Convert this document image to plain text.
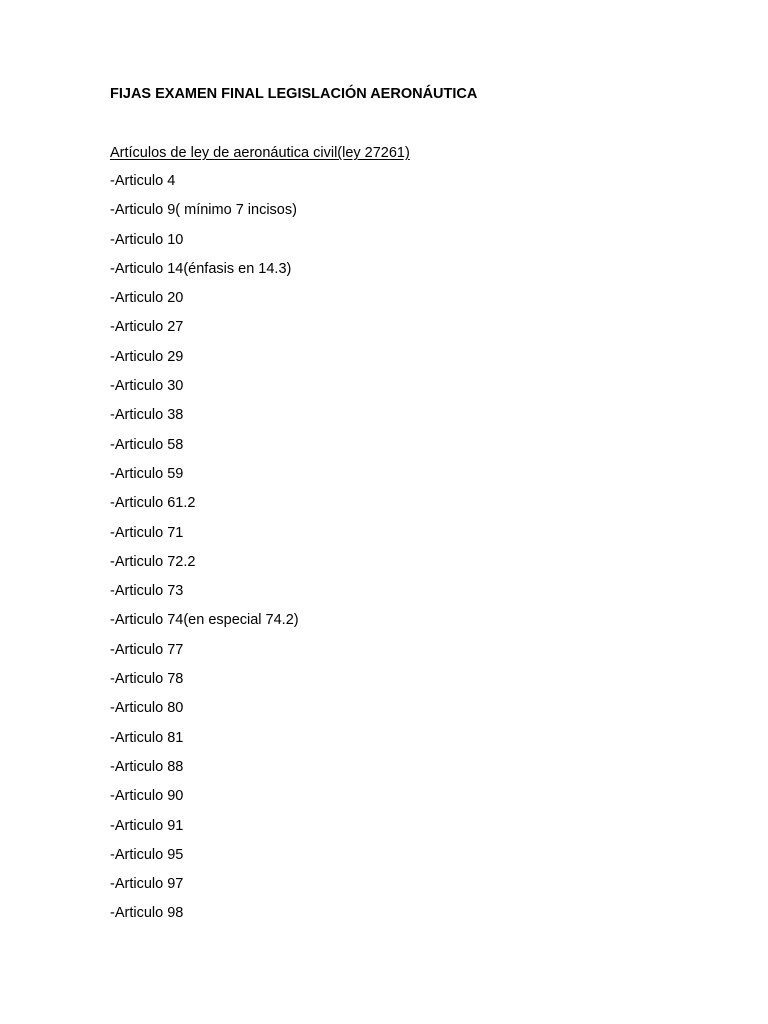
FIJAS EXAMEN FINAL LEGISLACIÓN AERONÁUTICA
Artículos de ley de aeronáutica civil(ley 27261)
-Articulo 4
-Articulo 9( mínimo 7 incisos)
-Articulo 10
-Articulo 14(énfasis en 14.3)
-Articulo 20
-Articulo 27
-Articulo 29
-Articulo 30
-Articulo 38
-Articulo 58
-Articulo 59
-Articulo 61.2
-Articulo 71
-Articulo 72.2
-Articulo 73
-Articulo 74(en especial 74.2)
-Articulo 77
-Articulo 78
-Articulo 80
-Articulo 81
-Articulo 88
-Articulo 90
-Articulo 91
-Articulo 95
-Articulo 97
-Articulo 98
